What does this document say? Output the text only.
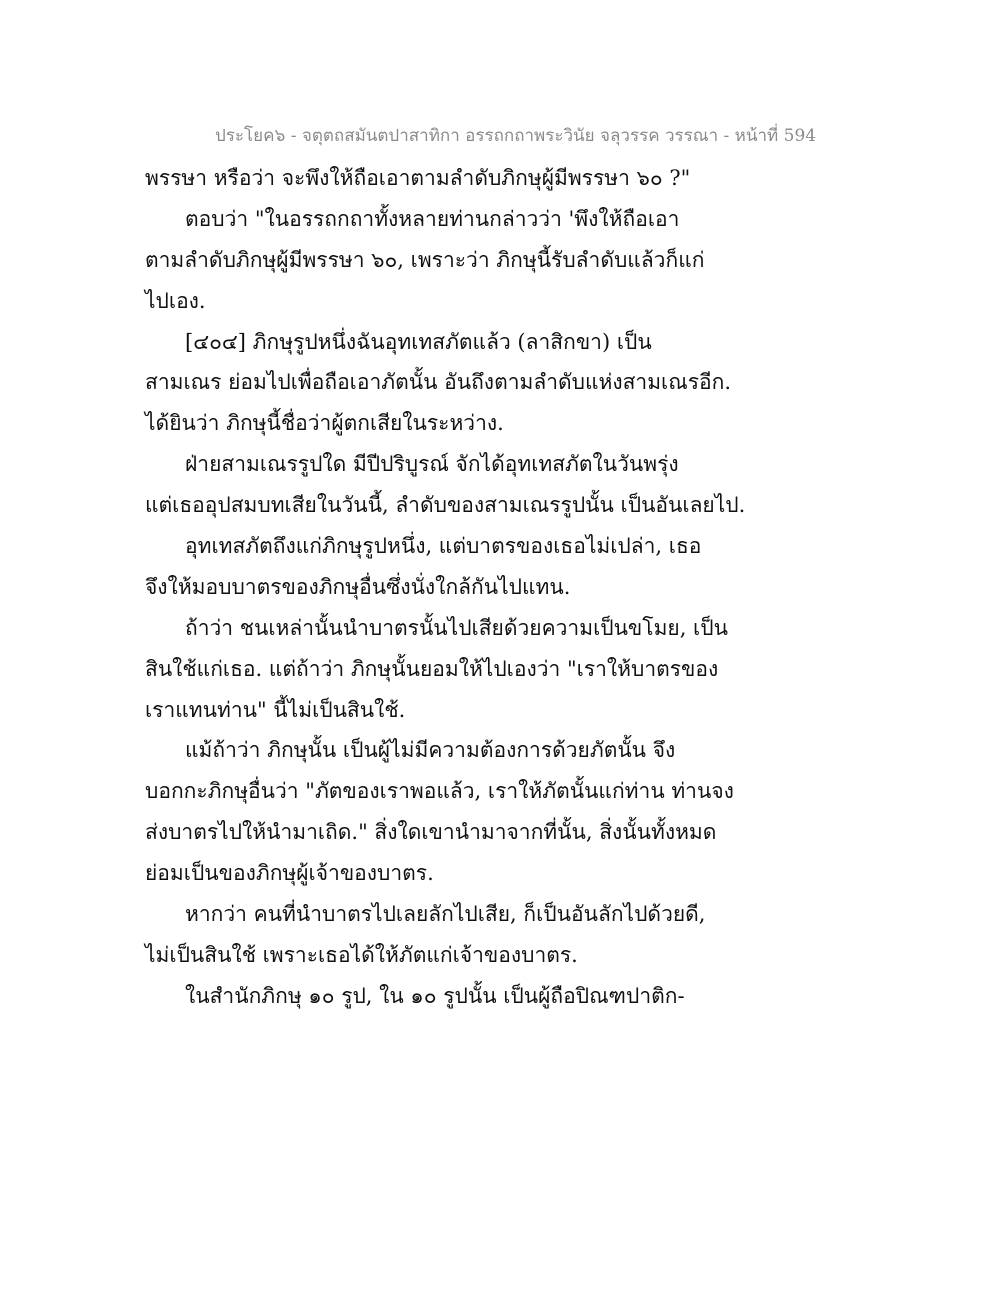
ประโยค๖ - จตุตถสมันตปาสาทิกา อรรถกถาพระวินัย จลุวรรค วรรณา - หน้าที่ 594
พรรษา หรือว่า จะพึงให้ถือเอาตามลำดับภิกษุผู้มีพรรษา ๖๐ ?"
ตอบว่า "ในอรรถกถาทั้งหลายท่านกล่าวว่า 'พึงให้ถือเอา
ตามลำดับภิกษุผู้มีพรรษา ๖๐, เพราะว่า ภิกษุนี้รับลำดับแล้วก็แก่
ไปเอง.
[๔๐๔] ภิกษุรูปหนึ่งฉันอุทเทสภัตแล้ว (ลาสิกขา) เป็น
สามเณร ย่อมไปเพื่อถือเอาภัตนั้น อันถึงตามลำดับแห่งสามเณรอีก.
ได้ยินว่า ภิกษุนี้ชื่อว่าผู้ตกเสียในระหว่าง.
ฝ่ายสามเณรรูปใด มีปีปริบูรณ์ จักได้อุทเทสภัตในวันพรุ่ง
แต่เธออุปสมบทเสียในวันนี้, ลำดับของสามเณรรูปนั้น เป็นอันเลยไป.
อุทเทสภัตถึงแก่ภิกษุรูปหนึ่ง, แต่บาตรของเธอไม่เปล่า, เธอ
จึงให้มอบบาตรของภิกษุอื่นซึ่งนั่งใกล้กันไปแทน.
ถ้าว่า ชนเหล่านั้นนำบาตรนั้นไปเสียด้วยความเป็นขโมย, เป็น
สินใช้แก่เธอ. แต่ถ้าว่า ภิกษุนั้นยอมให้ไปเองว่า "เราให้บาตรของ
เราแทนท่าน" นี้ไม่เป็นสินใช้.
แม้ถ้าว่า ภิกษุนั้น เป็นผู้ไม่มีความต้องการด้วยภัตนั้น จึง
บอกกะภิกษุอื่นว่า "ภัตของเราพอแล้ว, เราให้ภัตนั้นแก่ท่าน ท่านจง
ส่งบาตรไปให้นำมาเถิด." สิ่งใดเขานำมาจากที่นั้น, สิ่งนั้นทั้งหมด
ย่อมเป็นของภิกษุผู้เจ้าของบาตร.
หากว่า คนที่นำบาตรไปเลยลักไปเสีย, ก็เป็นอันลักไปด้วยดี,
ไม่เป็นสินใช้ เพราะเธอได้ให้ภัตแก่เจ้าของบาตร.
ในสำนักภิกษุ ๑๐ รูป, ใน ๑๐ รูปนั้น เป็นผู้ถือปิณฑปาติก-
